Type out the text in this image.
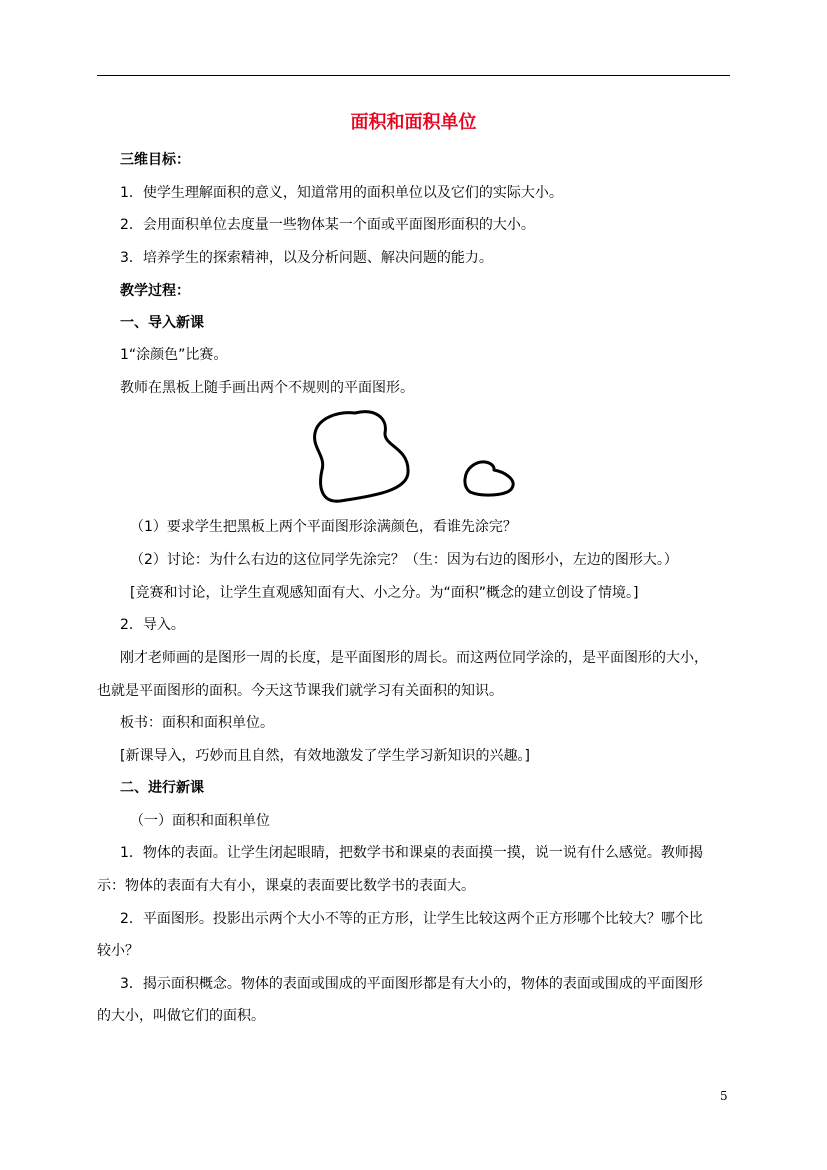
面积和面积单位
三维目标：
1．使学生理解面积的意义，知道常用的面积单位以及它们的实际大小。
2．会用面积单位去度量一些物体某一个面或平面图形面积的大小。
3．培养学生的探索精神，以及分析问题、解决问题的能力。
教学过程：
一、导入新课
1“涂颜色”比赛。
教师在黑板上随手画出两个不规则的平面图形。
（1）要求学生把黑板上两个平面图形涂满颜色，看谁先涂完？
（2）讨论：为什么右边的这位同学先涂完？（生：因为右边的图形小，左边的图形大。）
[竞赛和讨论，让学生直观感知面有大、小之分。为“面积”概念的建立创设了情境。]
2．导入。
刚才老师画的是图形一周的长度，是平面图形的周长。而这两位同学涂的，是平面图形的大小，
也就是平面图形的面积。今天这节课我们就学习有关面积的知识。
板书：面积和面积单位。
[新课导入，巧妙而且自然，有效地激发了学生学习新知识的兴趣。]
二、进行新课
（一）面积和面积单位
1．物体的表面。让学生闭起眼睛，把数学书和课桌的表面摸一摸，说一说有什么感觉。教师揭
示：物体的表面有大有小，课桌的表面要比数学书的表面大。
2．平面图形。投影出示两个大小不等的正方形，让学生比较这两个正方形哪个比较大？哪个比
较小？
3．揭示面积概念。物体的表面或围成的平面图形都是有大小的，物体的表面或围成的平面图形
的大小，叫做它们的面积。
5
